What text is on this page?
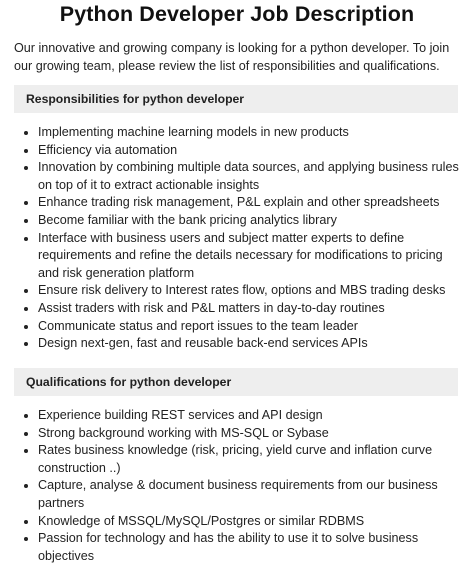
Python Developer Job Description

Our innovative and growing company is looking for a python developer. To join our growing team, please review the list of responsibilities and qualifications.

Responsibilities for python developer
Implementing machine learning models in new products
Efficiency via automation
Innovation by combining multiple data sources, and applying business rules on top of it to extract actionable insights
Enhance trading risk management, P&L explain and other spreadsheets
Become familiar with the bank pricing analytics library
Interface with business users and subject matter experts to define requirements and refine the details necessary for modifications to pricing and risk generation platform
Ensure risk delivery to Interest rates flow, options and MBS trading desks
Assist traders with risk and P&L matters in day-to-day routines
Communicate status and report issues to the team leader
Design next-gen, fast and reusable back-end services APIs
Qualifications for python developer
Experience building REST services and API design
Strong background working with MS-SQL or Sybase
Rates business knowledge (risk, pricing, yield curve and inflation curve construction ..)
Capture, analyse & document business requirements from our business partners
Knowledge of MSSQL/MySQL/Postgres or similar RDBMS
Passion for technology and has the ability to use it to solve business objectives
